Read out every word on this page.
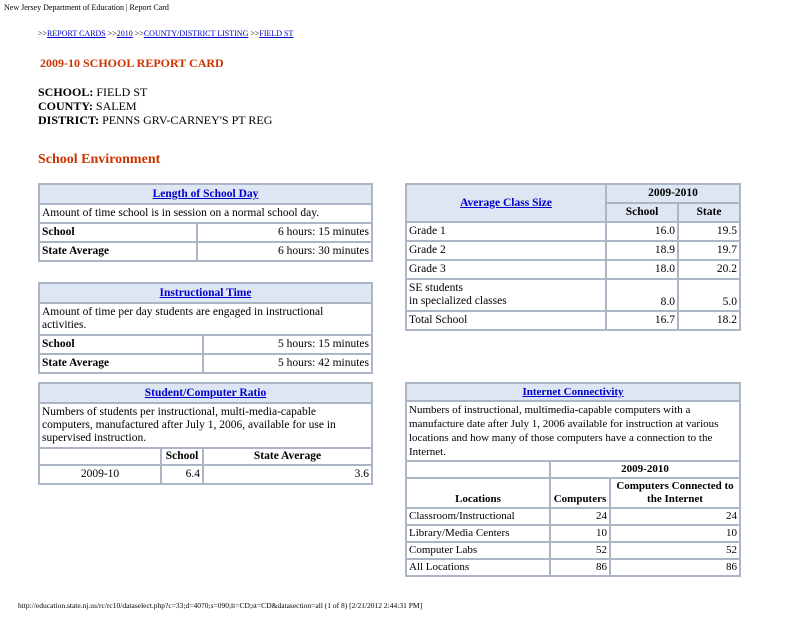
New Jersey Department of Education | Report Card
>>REPORT CARDS >>2010 >>COUNTY/DISTRICT LISTING >>FIELD ST
2009-10 SCHOOL REPORT CARD
SCHOOL: FIELD ST
COUNTY: SALEM
DISTRICT: PENNS GRV-CARNEY'S PT REG
School Environment
Length of School Day	
Amount of time school is in session on a normal school day.	
School	6 hours: 15 minutes
State Average	6 hours: 30 minutes
Instructional Time	
Amount of time per day students are engaged in instructional activities.	
School	5 hours: 15 minutes
State Average	5 hours: 42 minutes
Student/Computer Ratio		
Numbers of students per instructional, multi-media-capable computers, manufactured after July 1, 2006, available for use in supervised instruction.		
	School	State Average
2009-10	6.4	3.6
Average Class Size	2009-2010	
	School	State
Grade 1	16.0	19.5
Grade 2	18.9	19.7
Grade 3	18.0	20.2

SE students
in specialized classes	8.0	5.0
Total School	16.7	18.2
Internet Connectivity		
Numbers of instructional, multimedia-capable computers with a manufacture date after July 1, 2006 available for instruction at various locations and how many of those computers have a connection to the Internet.		
	2009-2010	
Locations	Computers	Computers Connected to the Internet
Classroom/Instructional	24	24
Library/Media Centers	10	10
Computer Labs	52	52
All Locations	86	86
http://education.state.nj.us/rc/rc10/dataselect.php?c=33;d=4070;s=090;lt=CD;st=CD&datasection=all (1 of 8) [2/21/2012 2:44:31 PM]
